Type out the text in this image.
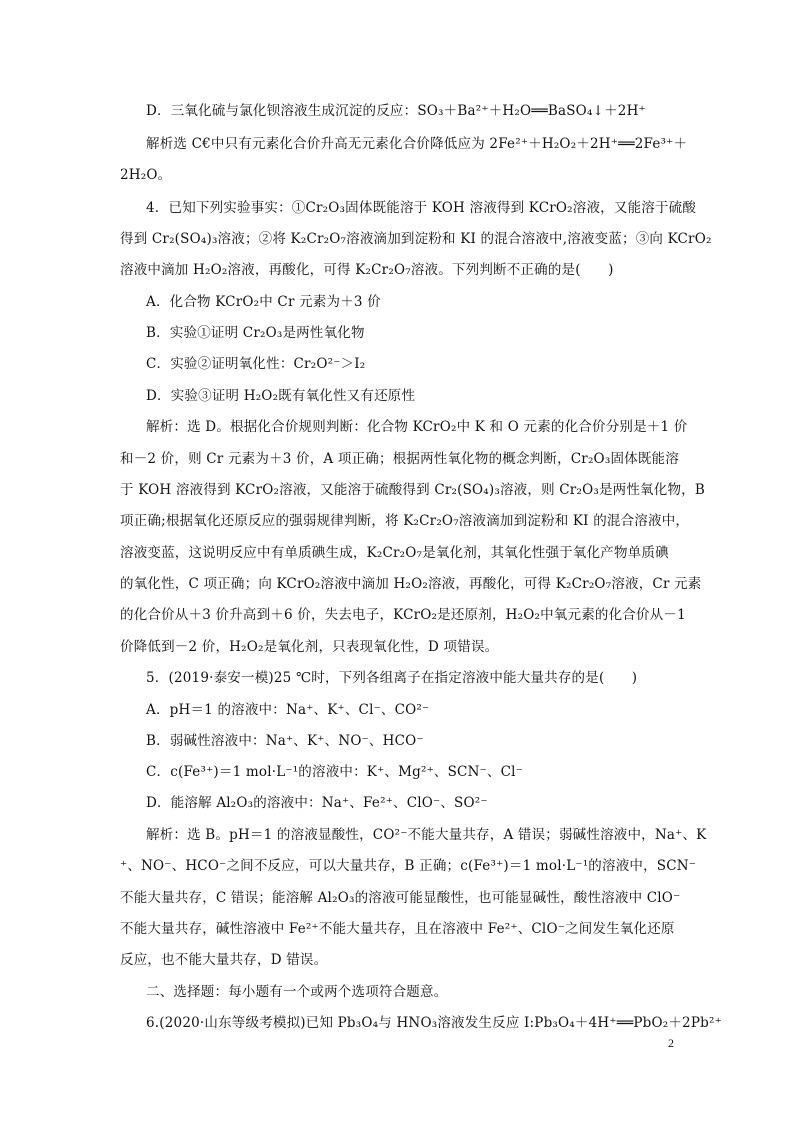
D．三氧化硫与氯化钡溶液生成沉淀的反应：SO₃＋Ba²⁺＋H₂O══BaSO₄↓＋2H⁺
解析选 C€中只有元素化合价升高无元素化合价降低应为 2Fe²⁺＋H₂O₂＋2H⁺══2Fe³⁺＋
2H₂O。
4．已知下列实验事实：①Cr₂O₃固体既能溶于 KOH 溶液得到 KCrO₂溶液，又能溶于硫酸
得到 Cr₂(SO₄)₃溶液；②将 K₂Cr₂O₇溶液滴加到淀粉和 KI 的混合溶液中,溶液变蓝；③向 KCrO₂
溶液中滴加 H₂O₂溶液，再酸化，可得 K₂Cr₂O₇溶液。下列判断不正确的是(　　)
A．化合物 KCrO₂中 Cr 元素为＋3 价
B．实验①证明 Cr₂O₃是两性氧化物
C．实验②证明氧化性：Cr₂O²⁻＞I₂
D．实验③证明 H₂O₂既有氧化性又有还原性
解析：选 D。根据化合价规则判断：化合物 KCrO₂中 K 和 O 元素的化合价分别是＋1 价
和－2 价，则 Cr 元素为＋3 价，A 项正确；根据两性氧化物的概念判断，Cr₂O₃固体既能溶
于 KOH 溶液得到 KCrO₂溶液，又能溶于硫酸得到 Cr₂(SO₄)₃溶液，则 Cr₂O₃是两性氧化物，B
项正确;根据氧化还原反应的强弱规律判断，将 K₂Cr₂O₇溶液滴加到淀粉和 KI 的混合溶液中，
溶液变蓝，这说明反应中有单质碘生成，K₂Cr₂O₇是氧化剂，其氧化性强于氧化产物单质碘
的氧化性，C 项正确；向 KCrO₂溶液中滴加 H₂O₂溶液，再酸化，可得 K₂Cr₂O₇溶液，Cr 元素
的化合价从＋3 价升高到＋6 价，失去电子，KCrO₂是还原剂，H₂O₂中氧元素的化合价从－1
价降低到－2 价，H₂O₂是氧化剂，只表现氧化性，D 项错误。
5．(2019·泰安一模)25 ℃时，下列各组离子在指定溶液中能大量共存的是(　　)
A．pH＝1 的溶液中：Na⁺、K⁺、Cl⁻、CO²⁻
B．弱碱性溶液中：Na⁺、K⁺、NO⁻、HCO⁻
C．c(Fe³⁺)＝1 mol·L⁻¹的溶液中：K⁺、Mg²⁺、SCN⁻、Cl⁻
D．能溶解 Al₂O₃的溶液中：Na⁺、Fe²⁺、ClO⁻、SO²⁻
解析：选 B。pH＝1 的溶液显酸性，CO²⁻不能大量共存，A 错误；弱碱性溶液中，Na⁺、K
⁺、NO⁻、HCO⁻之间不反应，可以大量共存，B 正确；c(Fe³⁺)＝1 mol·L⁻¹的溶液中，SCN⁻
不能大量共存，C 错误；能溶解 Al₂O₃的溶液可能显酸性，也可能显碱性，酸性溶液中 ClO⁻
不能大量共存，碱性溶液中 Fe²⁺不能大量共存，且在溶液中 Fe²⁺、ClO⁻之间发生氧化还原
反应，也不能大量共存，D 错误。
二、选择题：每小题有一个或两个选项符合题意。
6.(2020·山东等级考模拟)已知 Pb₃O₄与 HNO₃溶液发生反应 I:Pb₃O₄＋4H⁺══PbO₂＋2Pb²⁺
2
